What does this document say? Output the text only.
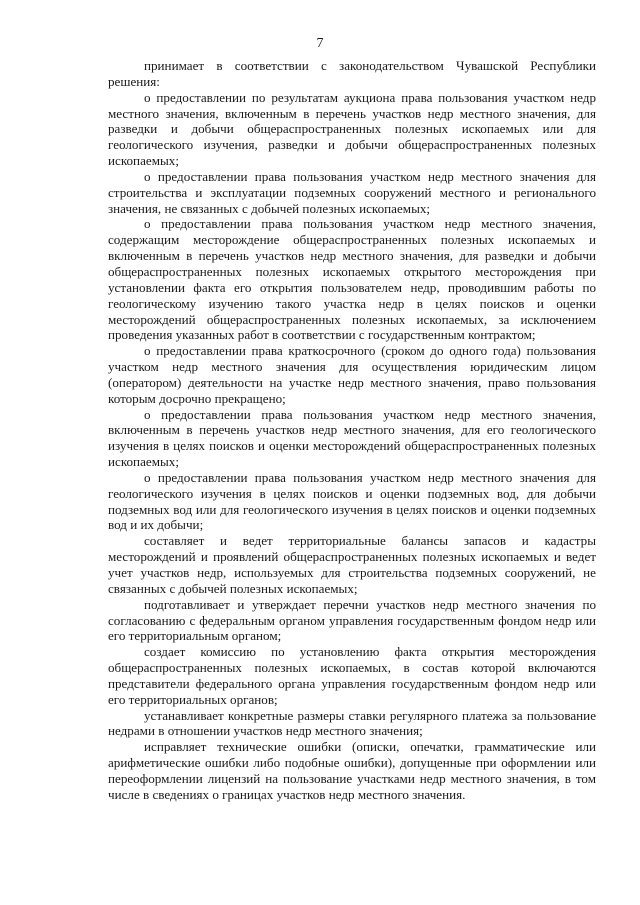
7

принимает в соответствии с законодательством Чувашской Республики решения:

о предоставлении по результатам аукциона права пользования участком недр местного значения, включенным в перечень участков недр местного значения, для разведки и добычи общераспространенных полезных ископаемых или для геологического изучения, разведки и добычи общераспространенных полезных ископаемых;

о предоставлении права пользования участком недр местного значения для строительства и эксплуатации подземных сооружений местного и регионального значения, не связанных с добычей полезных ископаемых;

о предоставлении права пользования участком недр местного значения, содержащим месторождение общераспространенных полезных ископаемых и включенным в перечень участков недр местного значения, для разведки и добычи общераспространенных полезных ископаемых открытого месторождения при установлении факта его открытия пользователем недр, проводившим работы по геологическому изучению такого участка недр в целях поисков и оценки месторождений общераспространенных полезных ископаемых, за исключением проведения указанных работ в соответствии с государственным контрактом;

о предоставлении права краткосрочного (сроком до одного года) пользования участком недр местного значения для осуществления юридическим лицом (оператором) деятельности на участке недр местного значения, право пользования которым досрочно прекращено;

о предоставлении права пользования участком недр местного значения, включенным в перечень участков недр местного значения, для его геологического изучения в целях поисков и оценки месторождений общераспространенных полезных ископаемых;

о предоставлении права пользования участком недр местного значения для геологического изучения в целях поисков и оценки подземных вод, для добычи подземных вод или для геологического изучения в целях поисков и оценки подземных вод и их добычи;

составляет и ведет территориальные балансы запасов и кадастры месторождений и проявлений общераспространенных полезных ископаемых и ведет учет участков недр, используемых для строительства подземных сооружений, не связанных с добычей полезных ископаемых;

подготавливает и утверждает перечни участков недр местного значения по согласованию с федеральным органом управления государственным фондом недр или его территориальным органом;

создает комиссию по установлению факта открытия месторождения общераспространенных полезных ископаемых, в состав которой включаются представители федерального органа управления государственным фондом недр или его территориальных органов;

устанавливает конкретные размеры ставки регулярного платежа за пользование недрами в отношении участков недр местного значения;

исправляет технические ошибки (описки, опечатки, грамматические или арифметические ошибки либо подобные ошибки), допущенные при оформлении или переоформлении лицензий на пользование участками недр местного значения, в том числе в сведениях о границах участков недр местного значения.
